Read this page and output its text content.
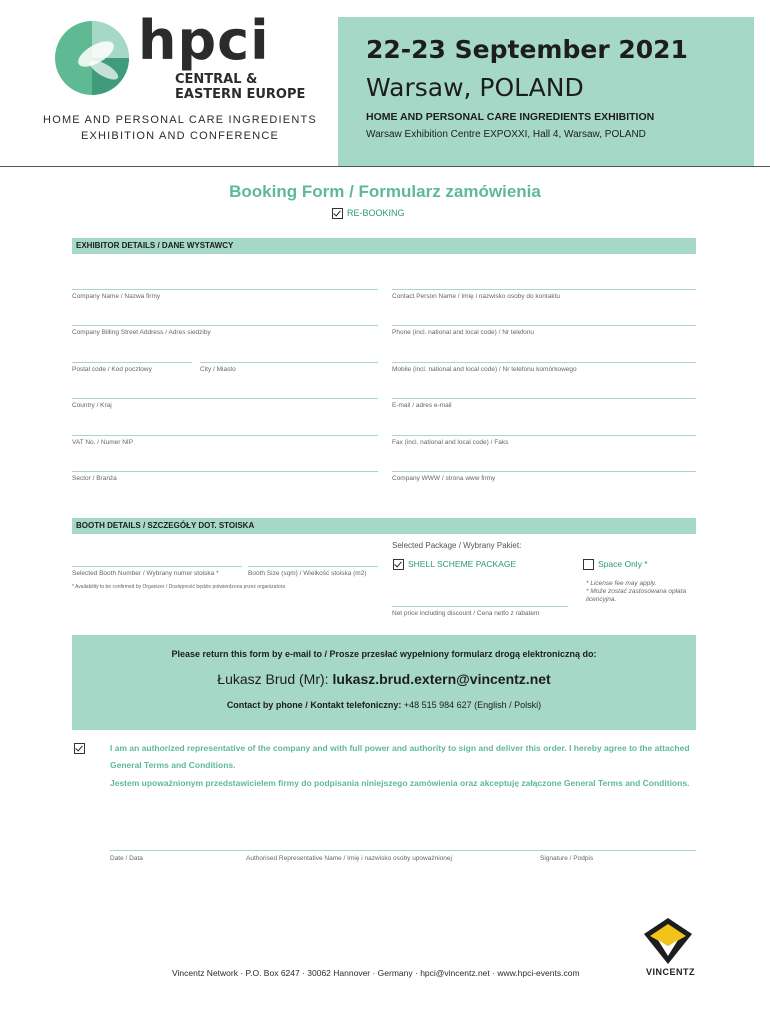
hpci
CENTRAL &
EASTERN EUROPE
HOME AND PERSONAL CARE INGREDIENTS
EXHIBITION AND CONFERENCE
22-23 September 2021
Warsaw, POLAND
HOME AND PERSONAL CARE INGREDIENTS EXHIBITION
Warsaw Exhibition Centre EXPOXXI, Hall 4, Warsaw, POLAND
Booking Form / Formularz zamówienia
RE-BOOKING
EXHIBITOR DETAILS / DANE WYSTAWCY
Company Name / Nazwa firmy	Contact Person Name / Imię i nazwisko osoby do kontaktu
Company Billing Street Address / Adres siedziby	Phone (incl. national and local code) / Nr telefonu
Postal code / Kod pocztowy	City / Miasto	Mobile (incl. national and local code) / Nr telefonu komórkowego
Country / Kraj	E-mail / adres e-mail
VAT No. / Numer NIP	Fax (incl. national and local code) / Faks
Sector / Branża	Company WWW / strona www firmy
BOOTH DETAILS / SZCZEGÓŁY DOT. STOISKA
Selected Booth Number / Wybrany numer stoiska *	Booth Size (sqm) / Wielkość stoiska (m2)
* Availability to be confirmed by Organizer / Dostępność będzie potwierdzona przez organizatora
Selected Package / Wybrany Pakiet:
SHELL SCHEME PACKAGE	Space Only *
* License fee may apply.
* Może zostać zastosowana opłata licencyjna.
Net price including discount / Cena netto z rabatem
Please return this form by e-mail to / Prosze przesłać wypełniony formularz drogą elektroniczną do:
Łukasz Brud (Mr): lukasz.brud.extern@vincentz.net
Contact by phone / Kontakt telefoniczny: +48 515 984 627 (English / Polski)
I am an authorized representative of the company and with full power and authority to sign and deliver this order. I hereby agree to the attached General Terms and Conditions.
Jestem upoważnionym przedstawicielem firmy do podpisania niniejszego zamówienia oraz akceptuję załączone General Terms and Conditions.
Date / Data	Authorised Representative Name / Imię i nazwisko osoby upoważnionej	Signature / Podpis
Vincentz Network · P.O. Box 6247 · 30062 Hannover · Germany · hpci@vincentz.net · www.hpci-events.com	VINCENTZ
